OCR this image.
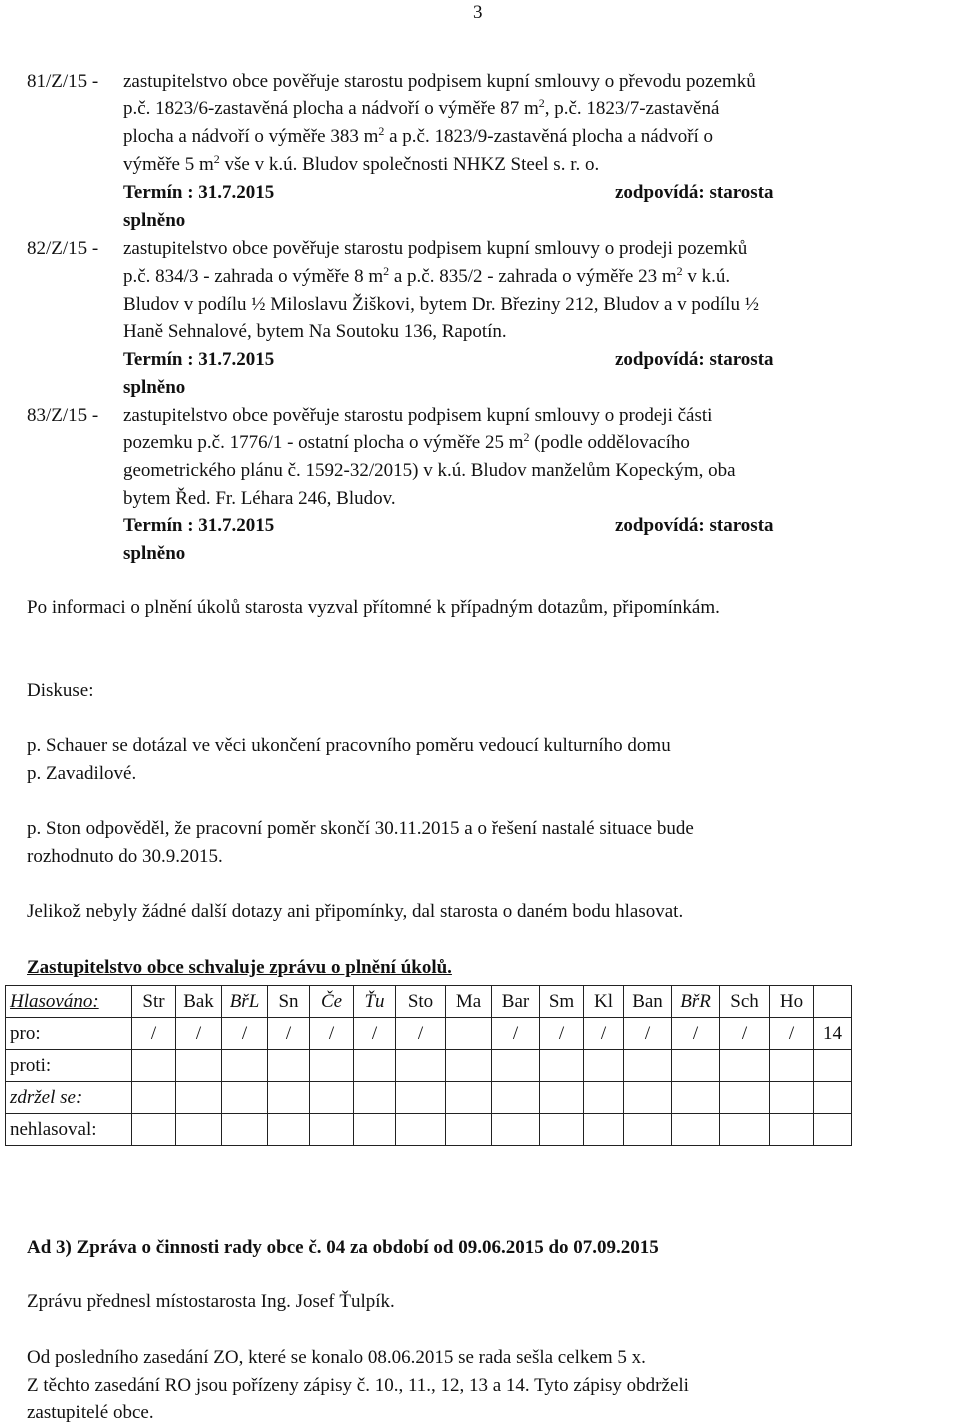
3
81/Z/15 - zastupitelstvo obce pověřuje starostu podpisem kupní smlouvy o převodu pozemků
p.č. 1823/6-zastavěná plocha a nádvoří o výměře 87 $m^2$, p.č. 1823/7-zastavěná
plocha a nádvoří o výměře 383 $m^2$ a p.č. 1823/9-zastavěná plocha a nádvoří o
výměře 5 $m^2$ vše v k.ú. Bludov společnosti NHKZ Steel s. r. o.
Termín : 31.7.2015	zodpovídá: starosta
splněno
82/Z/15 - zastupitelstvo obce pověřuje starostu podpisem kupní smlouvy o prodeji pozemků
p.č. 834/3 - zahrada o výměře 8 $m^2$ a p.č. 835/2 - zahrada o výměře 23 $m^2$ v k.ú.
Bludov v podílu ½ Miloslavu Žiškovi, bytem Dr. Březiny 212, Bludov a v podílu ½
Haně Sehnalové, bytem Na Soutoku 136, Rapotín.
Termín : 31.7.2015	zodpovídá: starosta
splněno
83/Z/15 - zastupitelstvo obce pověřuje starostu podpisem kupní smlouvy o prodeji části
pozemku p.č. 1776/1 - ostatní plocha o výměře 25 $m^2$ (podle oddělovacího
geometrického plánu č. 1592-32/2015) v k.ú. Bludov manželům Kopeckým, oba
bytem Řed. Fr. Léhara 246, Bludov.
Termín : 31.7.2015	zodpovídá: starosta
splněno
Po informaci o plnění úkolů starosta vyzval přítomné k případným dotazům, připomínkám.
Diskuse:
p. Schauer se dotázal ve věci ukončení pracovního poměru vedoucí kulturního domu
p. Zavadilové.
p. Ston odpověděl, že pracovní poměr skončí 30.11.2015 a o řešení nastalé situace bude
rozhodnuto do 30.9.2015.
Jelikož nebyly žádné další dotazy ani připomínky, dal starosta o daném bodu hlasovat.
Zastupitelstvo obce schvaluje zprávu o plnění úkolů.
Hlasováno:	Str	Bak	BřL	Sn	Če	Ťu	Sto	Ma	Bar	Sm	Kl	Ban	BřR	Sch	Ho	
pro:	/	/	/	/	/	/	/		/	/	/	/	/	/	/	14
proti:																
zdržel se:																
nehlasoval:																
Ad 3) Zpráva o činnosti rady obce č. 04 za období od 09.06.2015 do 07.09.2015
Zprávu přednesl místostarosta Ing. Josef Ťulpík.
Od posledního zasedání ZO, které se konalo 08.06.2015 se rada sešla celkem 5 x.
Z těchto zasedání RO jsou pořízeny zápisy č. 10., 11., 12, 13 a 14. Tyto zápisy obdrželi
zastupitelé obce.
